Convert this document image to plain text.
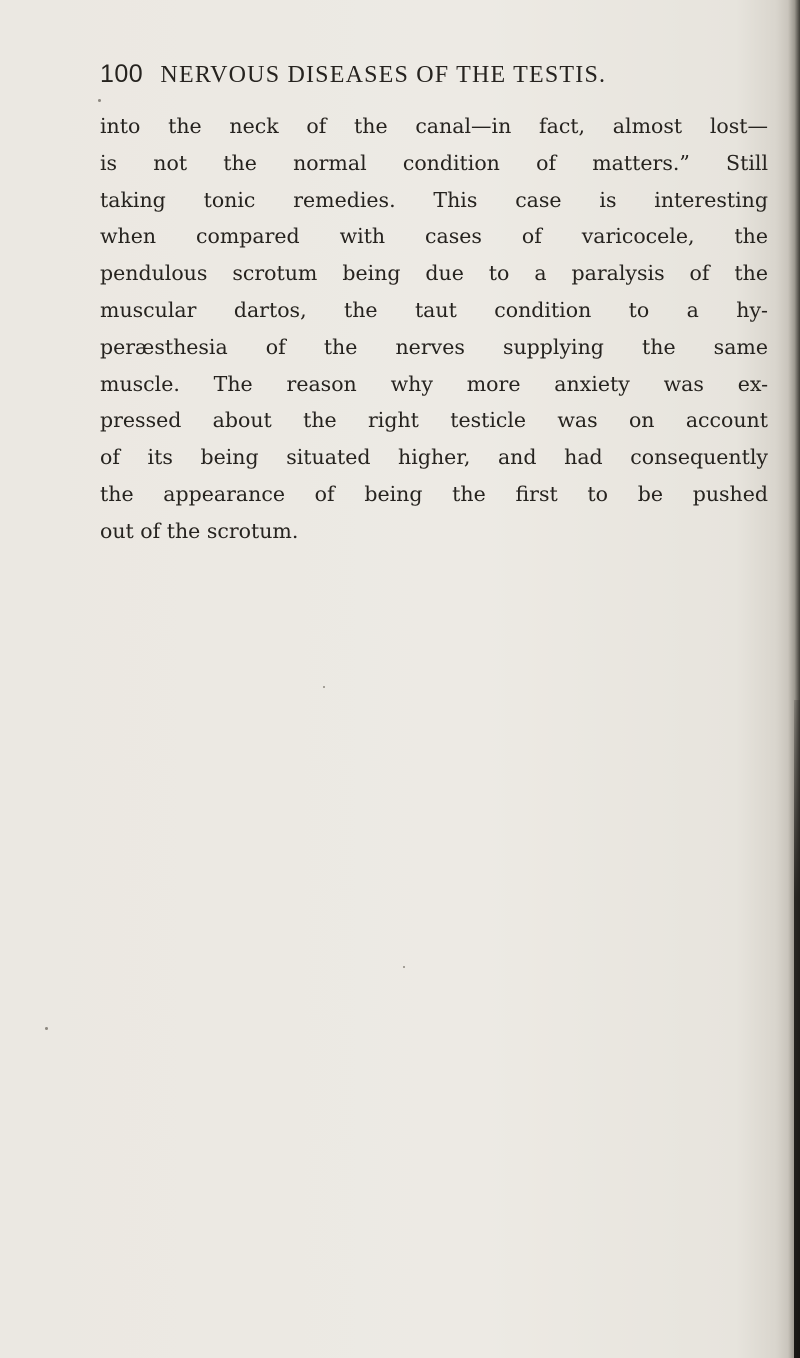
100 NERVOUS DISEASES OF THE TESTIS.
into the neck of the canal—in fact, almost lost—
is not the normal condition of matters.” Still
taking tonic remedies. This case is interesting
when compared with cases of varicocele, the
pendulous scrotum being due to a paralysis of the
muscular dartos, the taut condition to a hy-
peræsthesia of the nerves supplying the same
muscle. The reason why more anxiety was ex-
pressed about the right testicle was on account
of its being situated higher, and had consequently
the appearance of being the first to be pushed
out of the scrotum.
